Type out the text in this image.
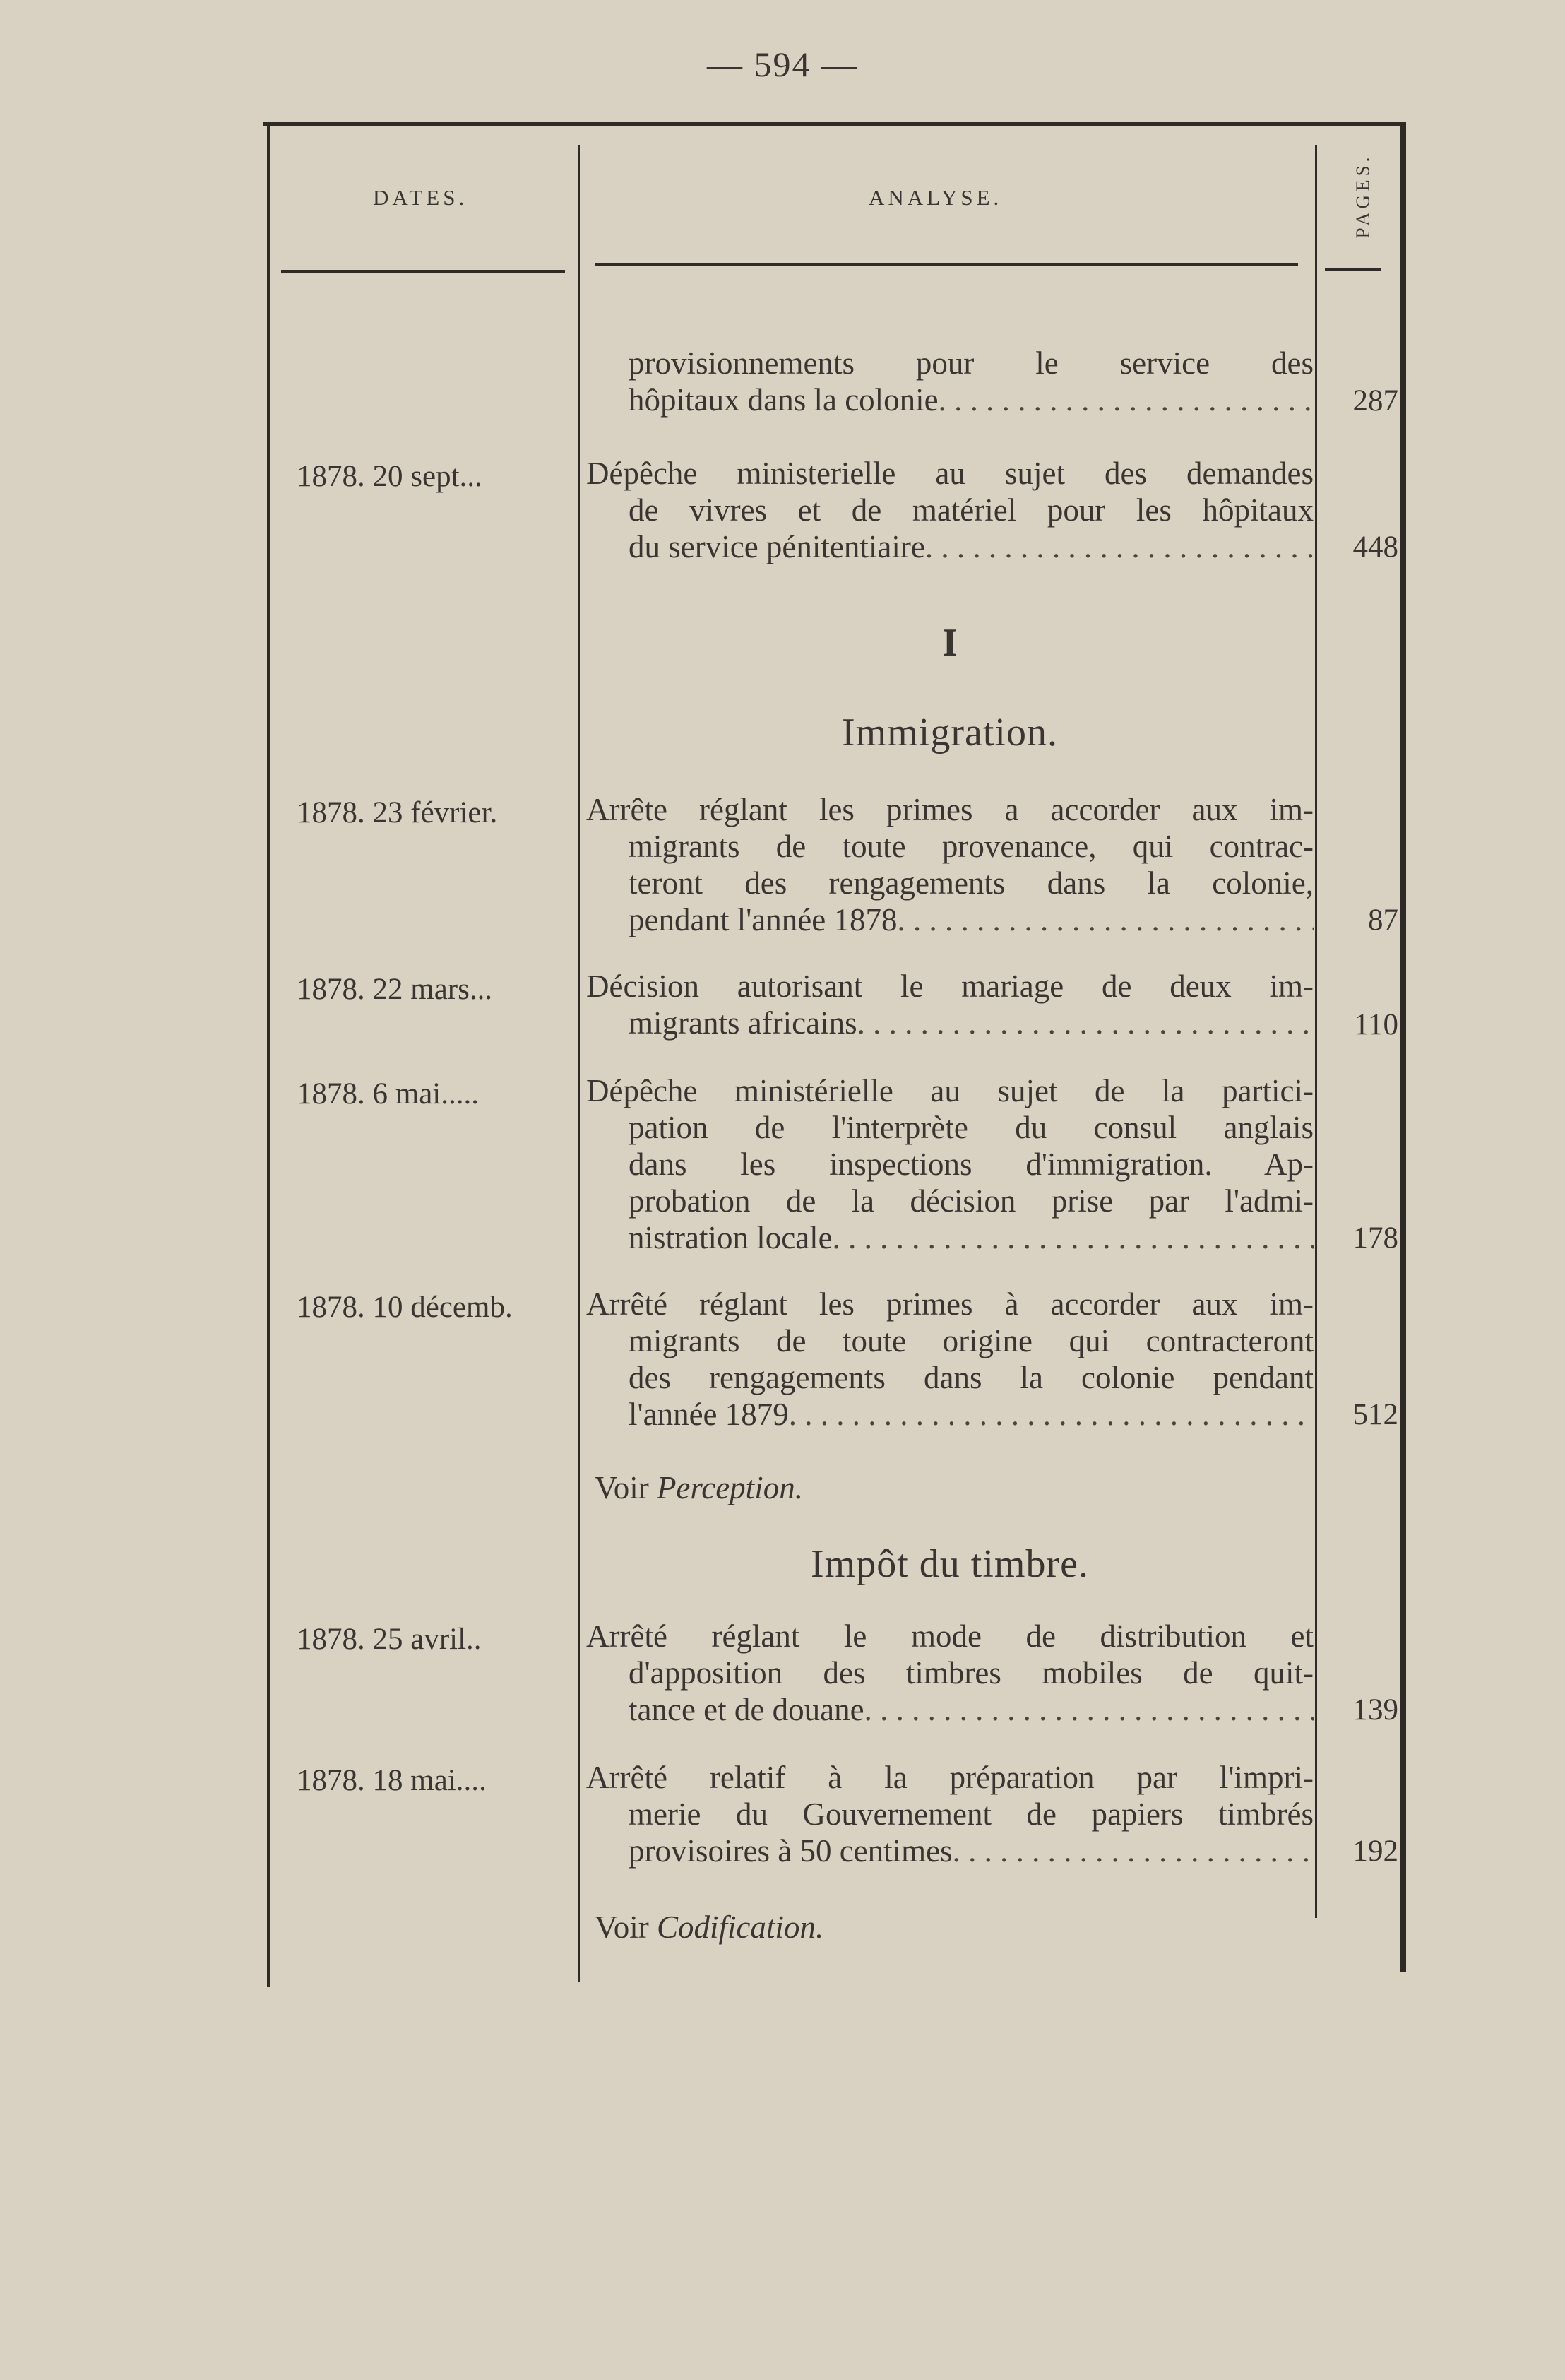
— 594 —
DATES.	ANALYSE.	PAGES.
provisionnements pour le service des
hôpitaux dans la colonie . . .	287
1878. 20 sept...	Dépêche ministerielle au sujet des demandes
de vivres et de matériel pour les hôpitaux
du service pénitentiaire . . .	448
I
Immigration.
1878. 23 février.	Arrête réglant les primes a accorder aux im-
migrants de toute provenance, qui contrac-
teront des rengagements dans la colonie,
pendant l'année 1878 . . .	87
1878. 22 mars...	Décision autorisant le mariage de deux im-
migrants africains . . .	110
1878. 6 mai.....	Dépêche ministérielle au sujet de la partici-
pation de l'interprète du consul anglais
dans les inspections d'immigration. Ap-
probation de la décision prise par l'admi-
nistration locale . . .	178
1878. 10 décemb. Arrêté réglant les primes à accorder aux im-
migrants de toute origine qui contracteront
des rengagements dans la colonie pendant
l'année 1879 . . .	512
Voir Perception.
Impôt du timbre.
1878. 25 avril..	Arrêté réglant le mode de distribution et
d'apposition des timbres mobiles de quit-
tance et de douane . . .	139
1878. 18 mai....	Arrêté relatif à la préparation par l'impri-
merie du Gouvernement de papiers timbrés
provisoires à 50 centimes . . .	192
Voir Codification.
